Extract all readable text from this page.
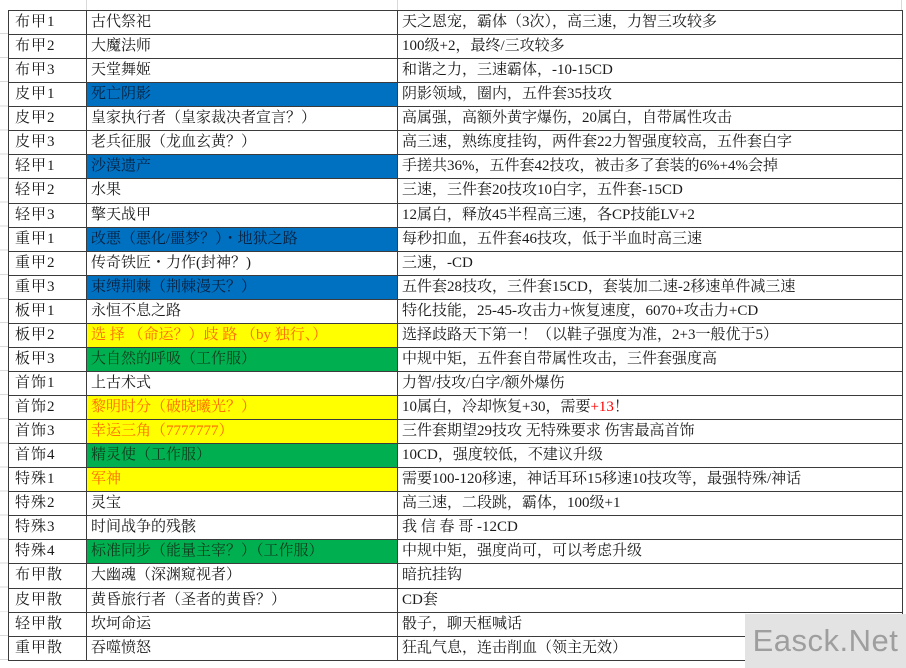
布甲1	古代祭祀	天之恩宠，霸体（3次），高三速，力智三攻较多
布甲2	大魔法师	100级+2，最终/三攻较多
布甲3	天堂舞姬	和谐之力，三速霸体，-10-15CD
皮甲1	死亡阴影	阴影领域，圈内，五件套35技攻
皮甲2	皇家执行者（皇家裁决者宣言？）	高属强，高额外黄字爆伤，20属白，自带属性攻击
皮甲3	老兵征服（龙血玄黄？）	高三速，熟练度挂钩，两件套22力智强度较高，五件套白字
轻甲1	沙漠遗产	手搓共36%，五件套42技攻，被击多了套装的6%+4%会掉
轻甲2	水果	三速，三件套20技攻10白字，五件套-15CD
轻甲3	擎天战甲	12属白，释放45半程高三速，各CP技能LV+2
重甲1	改悪（悪化/噩梦？）・地狱之路	每秒扣血，五件套46技攻，低于半血时高三速
重甲2	传奇铁匠・力作(封神？)	三速，-CD
重甲3	束缚荆棘（荆棘漫天？）	五件套28技攻，三件套15CD，套装加二速-2移速单件减三速
板甲1	永恒不息之路	特化技能，25-45-攻击力+恢复速度，6070+攻击力+CD
板甲2	选 择 （命运？）歧 路 （by 独行、）	选择歧路天下第一！（以鞋子强度为准，2+3一般优于5）
板甲3	大自然的呼吸（工作服）	中规中矩，五件套自带属性攻击，三件套强度高
首饰1	上古术式	力智/技攻/白字/额外爆伤
首饰2	黎明时分（破晓曦光？）	10属白，冷却恢复+30，需要+13！
首饰3	幸运三角（7777777）	三件套期望29技攻 无特殊要求 伤害最高首饰
首饰4	精灵使（工作服）	10CD，强度较低，不建议升级
特殊1	军神	需要100-120移速，神话耳环15移速10技攻等，最强特殊/神话
特殊2	灵宝	高三速，二段跳，霸体，100级+1
特殊3	时间战争的残骸	我 信 春 哥 -12CD
特殊4	标准同步（能量主宰？）（工作服）	中规中矩，强度尚可，可以考虑升级
布甲散	大幽魂（深渊窥视者）	暗抗挂钩
皮甲散	黄昏旅行者（圣者的黄昏？）	CD套
轻甲散	坎坷命运	骰子，聊天框喊话
重甲散	吞噬愤怒	狂乱气息，连击削血（领主无效）	Easck.Net
